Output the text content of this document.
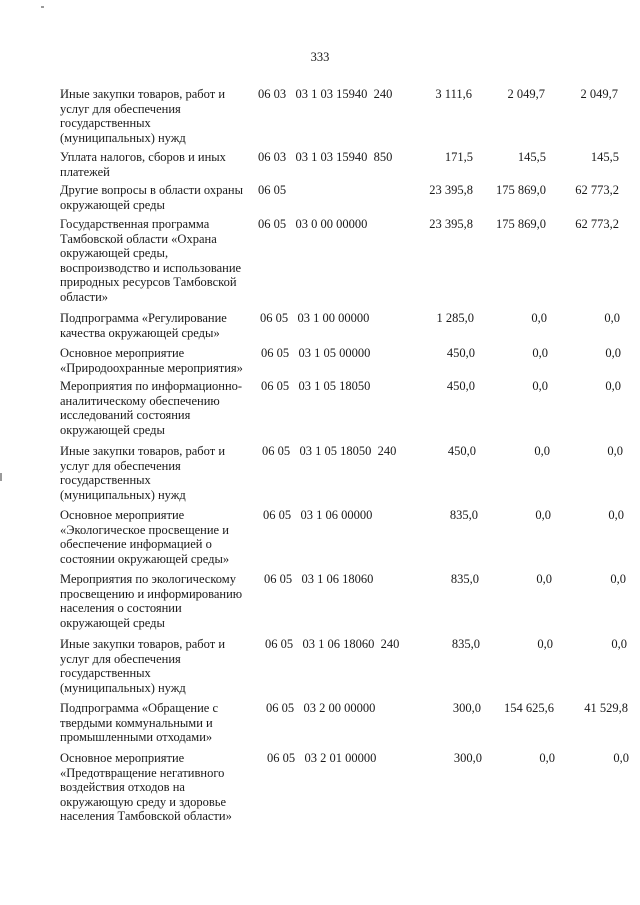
333
Иные закупки товаров, работ и
услуг для обеспечения
государственных
(муниципальных) нужд
06 03   03 1 03 15940  240	3 111,6	2 049,7	2 049,7
Уплата налогов, сборов и иных
платежей
06 03   03 1 03 15940  850	171,5	145,5	145,5
Другие вопросы в области охраны
окружающей среды
06 05	23 395,8	175 869,0	62 773,2
Государственная программа
Тамбовской области «Охрана
окружающей среды,
воспроизводство и использование
природных ресурсов Тамбовской
области»
06 05   03 0 00 00000	23 395,8	175 869,0	62 773,2
Подпрограмма «Регулирование
качества окружающей среды»
06 05   03 1 00 00000	1 285,0	0,0	0,0
Основное мероприятие
«Природоохранные мероприятия»
06 05   03 1 05 00000	450,0	0,0	0,0
Мероприятия по информационно-
аналитическому обеспечению
исследований состояния
окружающей среды
06 05   03 1 05 18050	450,0	0,0	0,0
Иные закупки товаров, работ и
услуг для обеспечения
государственных
(муниципальных) нужд
06 05   03 1 05 18050  240	450,0	0,0	0,0
Основное мероприятие
«Экологическое просвещение и
обеспечение информацией о
состоянии окружающей среды»
06 05   03 1 06 00000	835,0	0,0	0,0
Мероприятия по экологическому
просвещению и информированию
населения о состоянии
окружающей среды
06 05   03 1 06 18060	835,0	0,0	0,0
Иные закупки товаров, работ и
услуг для обеспечения
государственных
(муниципальных) нужд
06 05   03 1 06 18060  240	835,0	0,0	0,0
Подпрограмма «Обращение с
твердыми коммунальными и
промышленными отходами»
06 05   03 2 00 00000	300,0	154 625,6	41 529,8
Основное мероприятие
«Предотвращение негативного
воздействия отходов на
окружающую среду и здоровье
населения Тамбовской области»
06 05   03 2 01 00000	300,0	0,0	0,0
